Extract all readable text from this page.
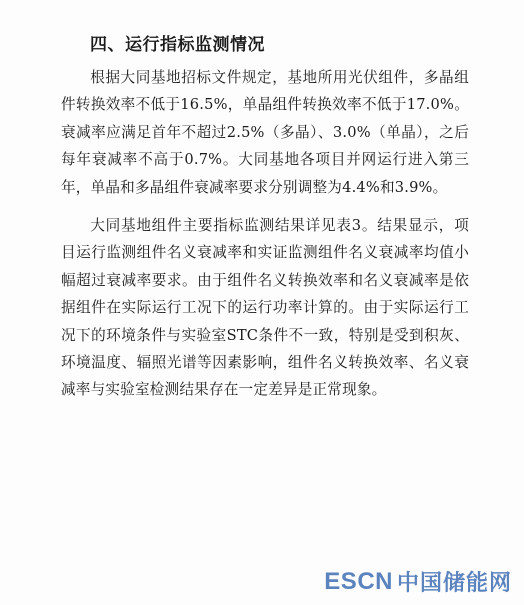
四、运行指标监测情况

根据大同基地招标文件规定，基地所用光伏组件，多晶组件转换效率不低于16.5%，单晶组件转换效率不低于17.0%。衰减率应满足首年不超过2.5%（多晶）、3.0%（单晶），之后每年衰减率不高于0.7%。大同基地各项目并网运行进入第三年，单晶和多晶组件衰减率要求分别调整为4.4%和3.9%。

大同基地组件主要指标监测结果详见表3。结果显示，项目运行监测组件名义衰减率和实证监测组件名义衰减率均值小幅超过衰减率要求。由于组件名义转换效率和名义衰减率是依据组件在实际运行工况下的运行功率计算的。由于实际运行工况下的环境条件与实验室STC条件不一致，特别是受到积灰、环境温度、辐照光谱等因素影响，组件名义转换效率、名义衰减率与实验室检测结果存在一定差异是正常现象。

ESCN 中国储能网
